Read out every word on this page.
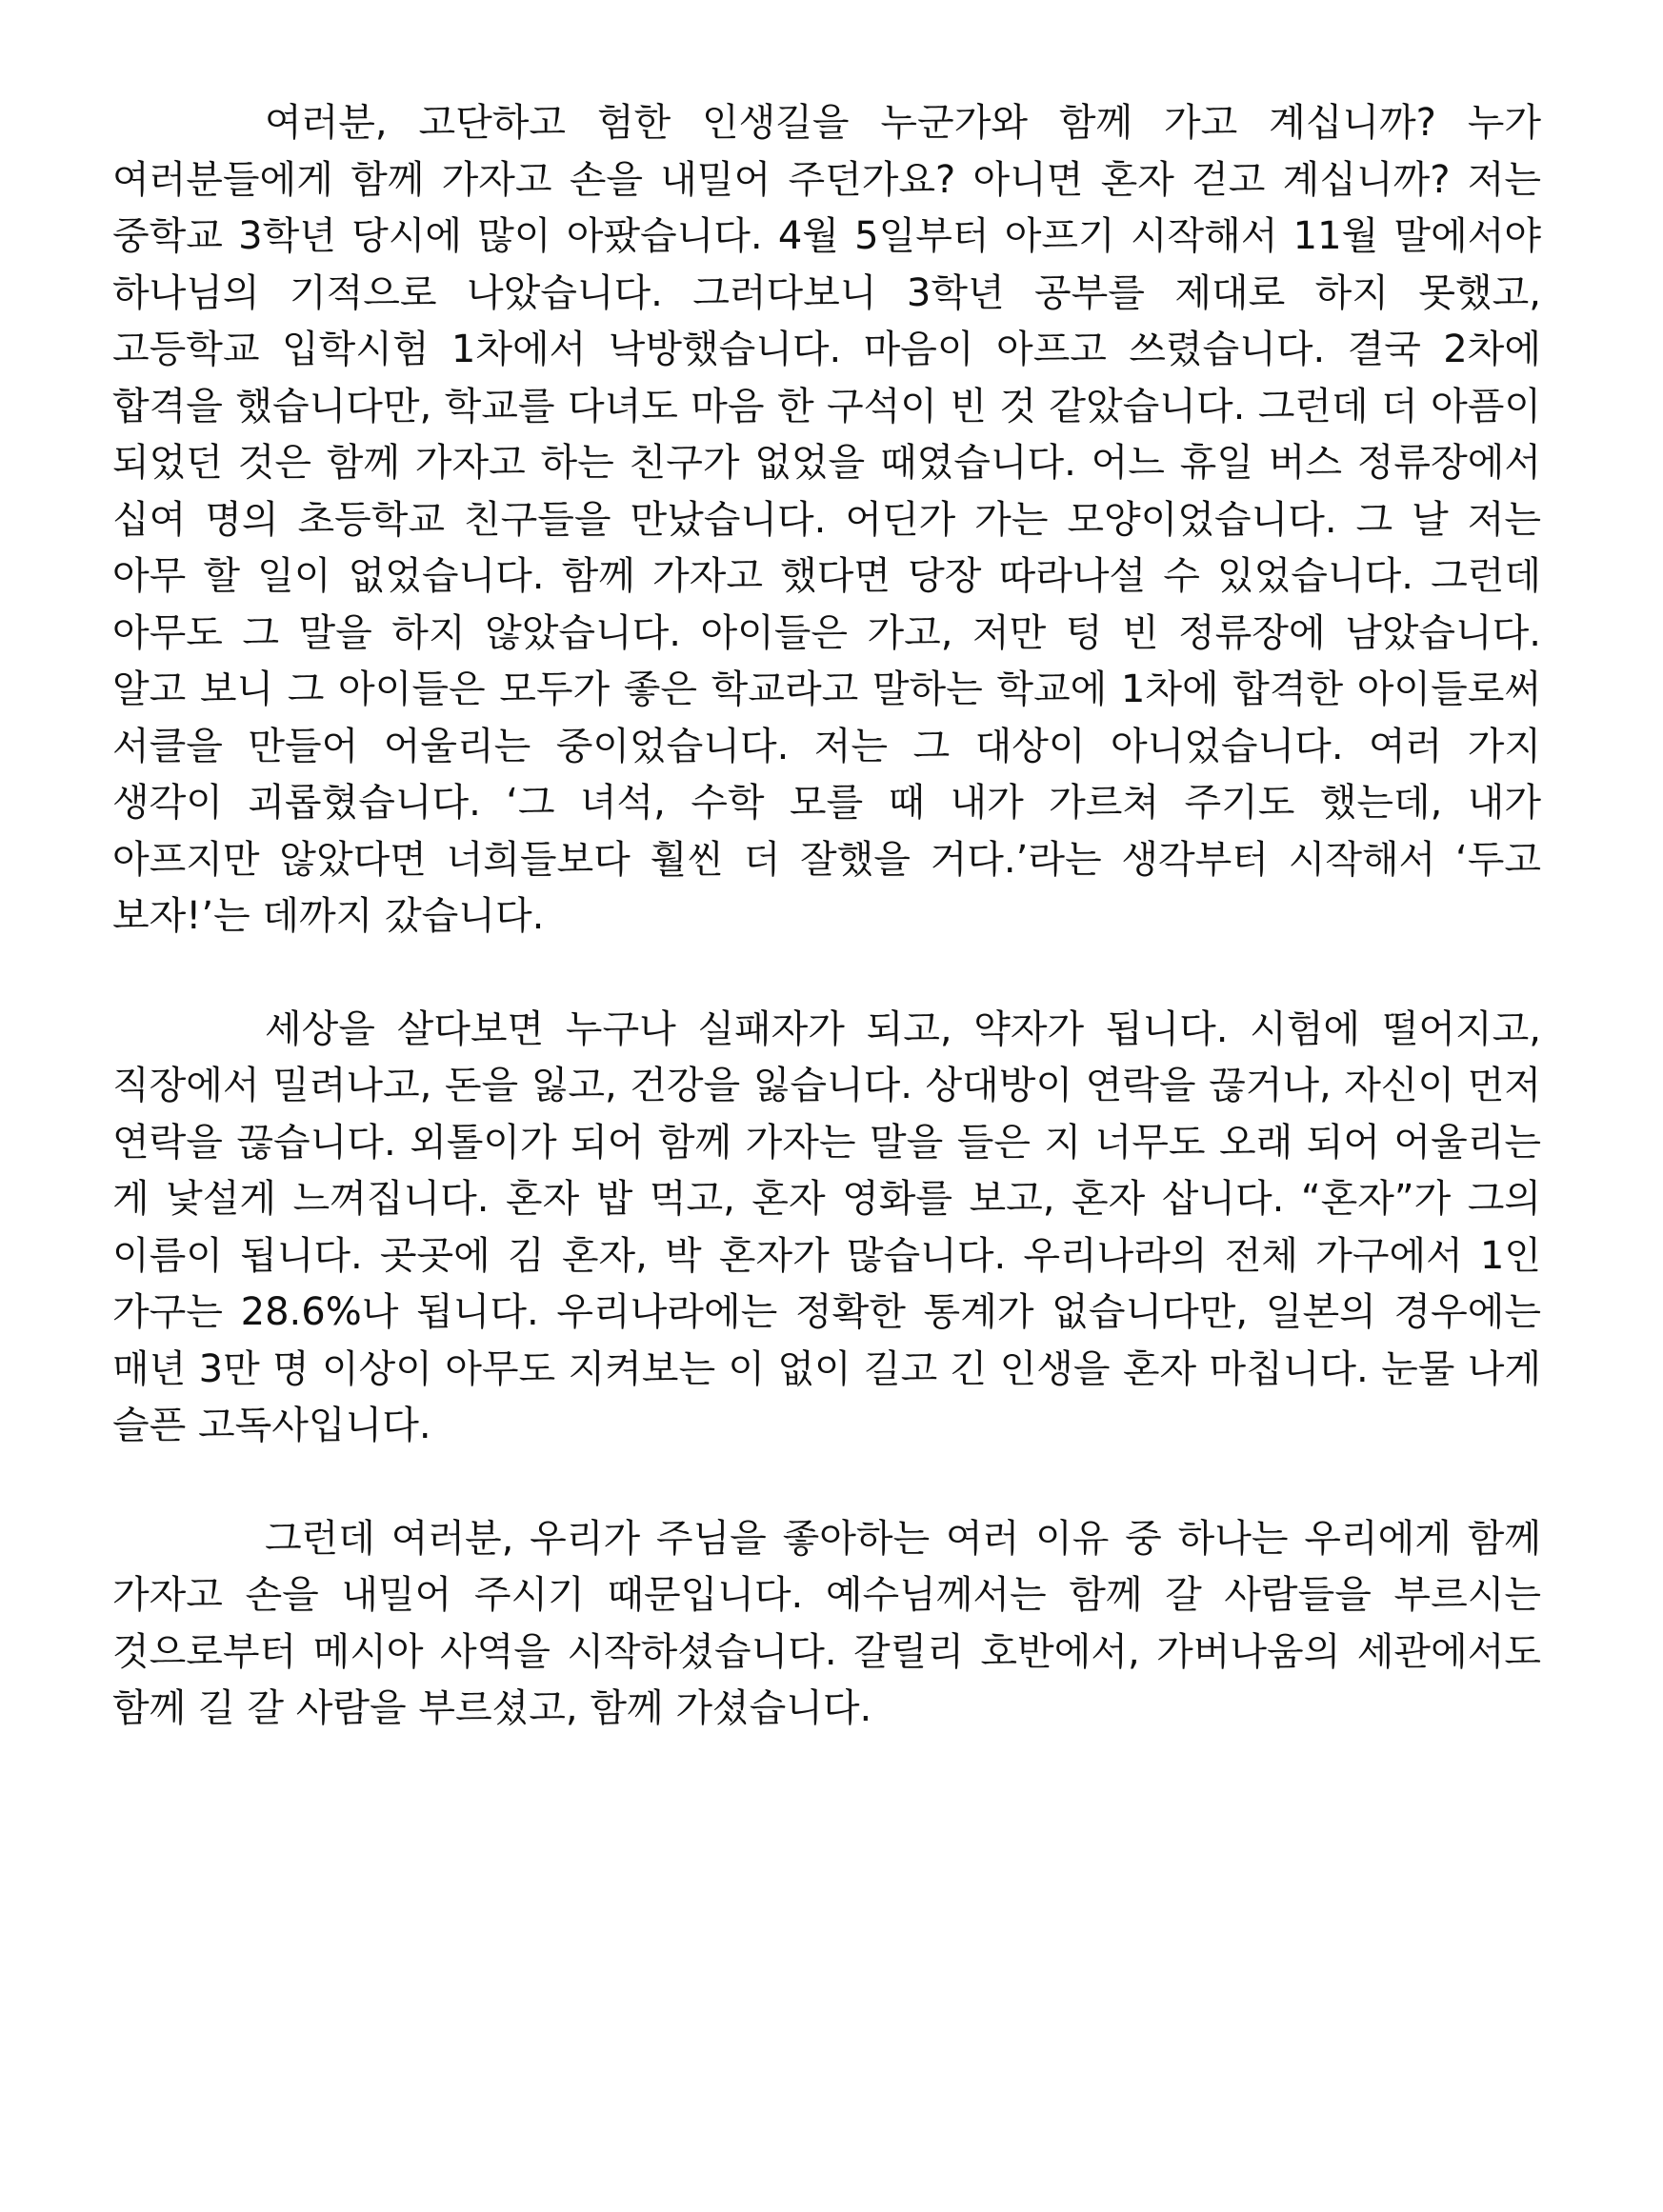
여러분, 고단하고 험한 인생길을 누군가와 함께 가고 계십니까? 누가 여러분들에게 함께 가자고 손을 내밀어 주던가요? 아니면 혼자 걷고 계십니까? 저는 중학교 3학년 당시에 많이 아팠습니다. 4월 5일부터 아프기 시작해서 11월 말에서야 하나님의 기적으로 나았습니다. 그러다보니 3학년 공부를 제대로 하지 못했고, 고등학교 입학시험 1차에서 낙방했습니다. 마음이 아프고 쓰렸습니다. 결국 2차에 합격을 했습니다만, 학교를 다녀도 마음 한 구석이 빈 것 같았습니다. 그런데 더 아픔이 되었던 것은 함께 가자고 하는 친구가 없었을 때였습니다. 어느 휴일 버스 정류장에서 십여 명의 초등학교 친구들을 만났습니다. 어딘가 가는 모양이었습니다. 그 날 저는 아무 할 일이 없었습니다. 함께 가자고 했다면 당장 따라나설 수 있었습니다. 그런데 아무도 그 말을 하지 않았습니다. 아이들은 가고, 저만 텅 빈 정류장에 남았습니다. 알고 보니 그 아이들은 모두가 좋은 학교라고 말하는 학교에 1차에 합격한 아이들로써 서클을 만들어 어울리는 중이었습니다. 저는 그 대상이 아니었습니다. 여러 가지 생각이 괴롭혔습니다. ‘그 녀석, 수학 모를 때 내가 가르쳐 주기도 했는데, 내가 아프지만 않았다면 너희들보다 훨씬 더 잘했을 거다.’라는 생각부터 시작해서 ‘두고 보자!’는 데까지 갔습니다.

세상을 살다보면 누구나 실패자가 되고, 약자가 됩니다. 시험에 떨어지고, 직장에서 밀려나고, 돈을 잃고, 건강을 잃습니다. 상대방이 연락을 끊거나, 자신이 먼저 연락을 끊습니다. 외톨이가 되어 함께 가자는 말을 들은 지 너무도 오래 되어 어울리는 게 낯설게 느껴집니다. 혼자 밥 먹고, 혼자 영화를 보고, 혼자 삽니다. “혼자”가 그의 이름이 됩니다. 곳곳에 김 혼자, 박 혼자가 많습니다. 우리나라의 전체 가구에서 1인 가구는 28.6%나 됩니다. 우리나라에는 정확한 통계가 없습니다만, 일본의 경우에는 매년 3만 명 이상이 아무도 지켜보는 이 없이 길고 긴 인생을 혼자 마칩니다. 눈물 나게 슬픈 고독사입니다.

그런데 여러분, 우리가 주님을 좋아하는 여러 이유 중 하나는 우리에게 함께 가자고 손을 내밀어 주시기 때문입니다. 예수님께서는 함께 갈 사람들을 부르시는 것으로부터 메시아 사역을 시작하셨습니다. 갈릴리 호반에서, 가버나움의 세관에서도 함께 길 갈 사람을 부르셨고, 함께 가셨습니다.
